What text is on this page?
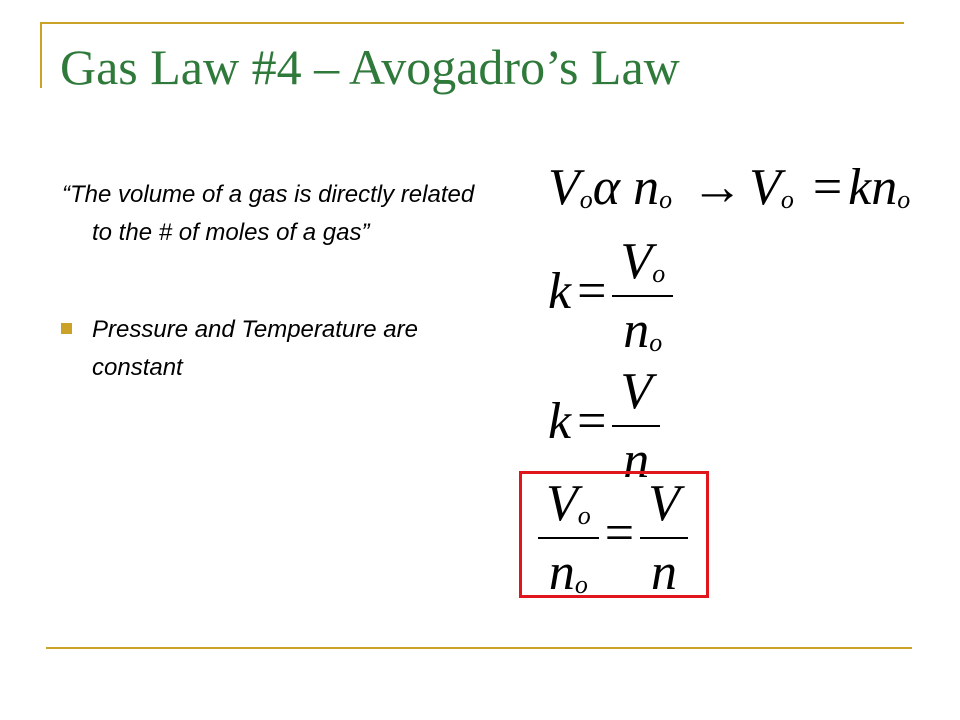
Gas Law #4 – Avogadro’s Law
“The volume of a gas is directly related to the # of moles of a gas”
Pressure and Temperature are constant
$V_o\alpha$ $n_o \to V_o = kn_o$
$k = \frac{V_o}{n_o}$
$k = \frac{V}{n}$
$\frac{V_o}{n_o} = \frac{V}{n}$
